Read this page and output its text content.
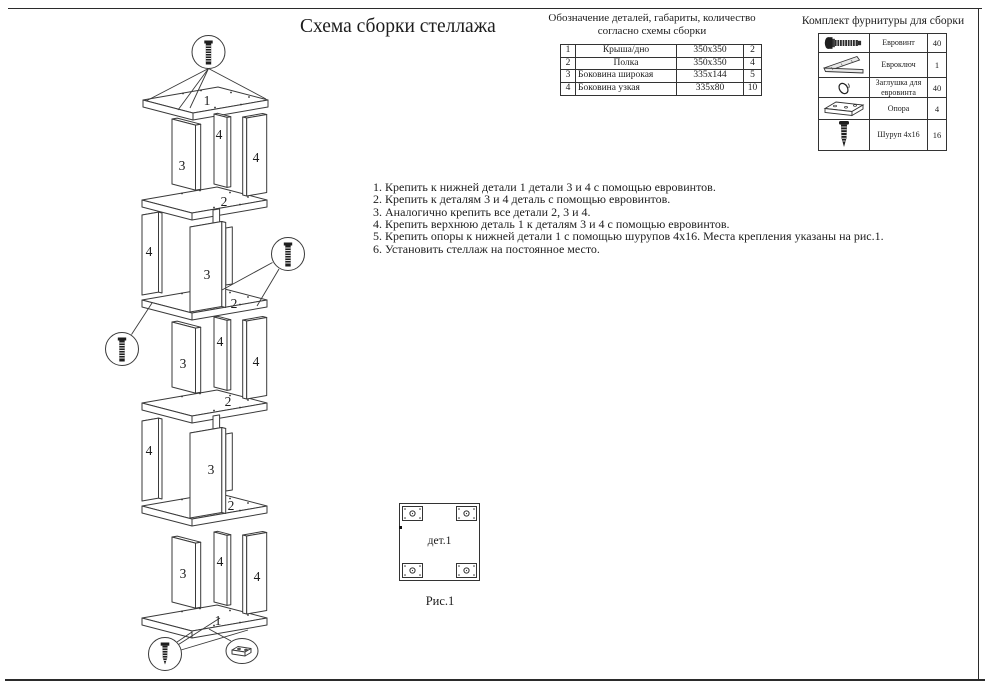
Схема сборки стеллажа	Обозначение деталей, габариты, количество
согласно схемы сборки
1	Крыша/дно	350x350	2
2	Полка	350x350	4
3	Боковина широкая	335x144	5
4	Боковина узкая	335x80	10
Комплект фурнитуры для сборки
	Евровинт	40
	Евроключ	1
	Заглушка для евровинта	40
	Опора	4
	Шуруп 4x16	16
1. Крепить к нижней детали 1 детали 3 и 4 с помощью евровинтов.
2. Крепить к деталям 3 и 4 деталь с помощью евровинтов.
3. Аналогично крепить все детали 2, 3 и 4.
4. Крепить верхнюю деталь 1 к деталям 3 и 4 с помощью евровинтов.
5. Крепить опоры к нижней детали 1 с помощью шурупов 4x16. Места крепления указаны на рис.1.
6. Установить стеллаж на постоянное место.
1
3
4
4
2
4
3
2
3
4
4
2
4
3
2
3
4
4
1
дет.1
Рис.1
